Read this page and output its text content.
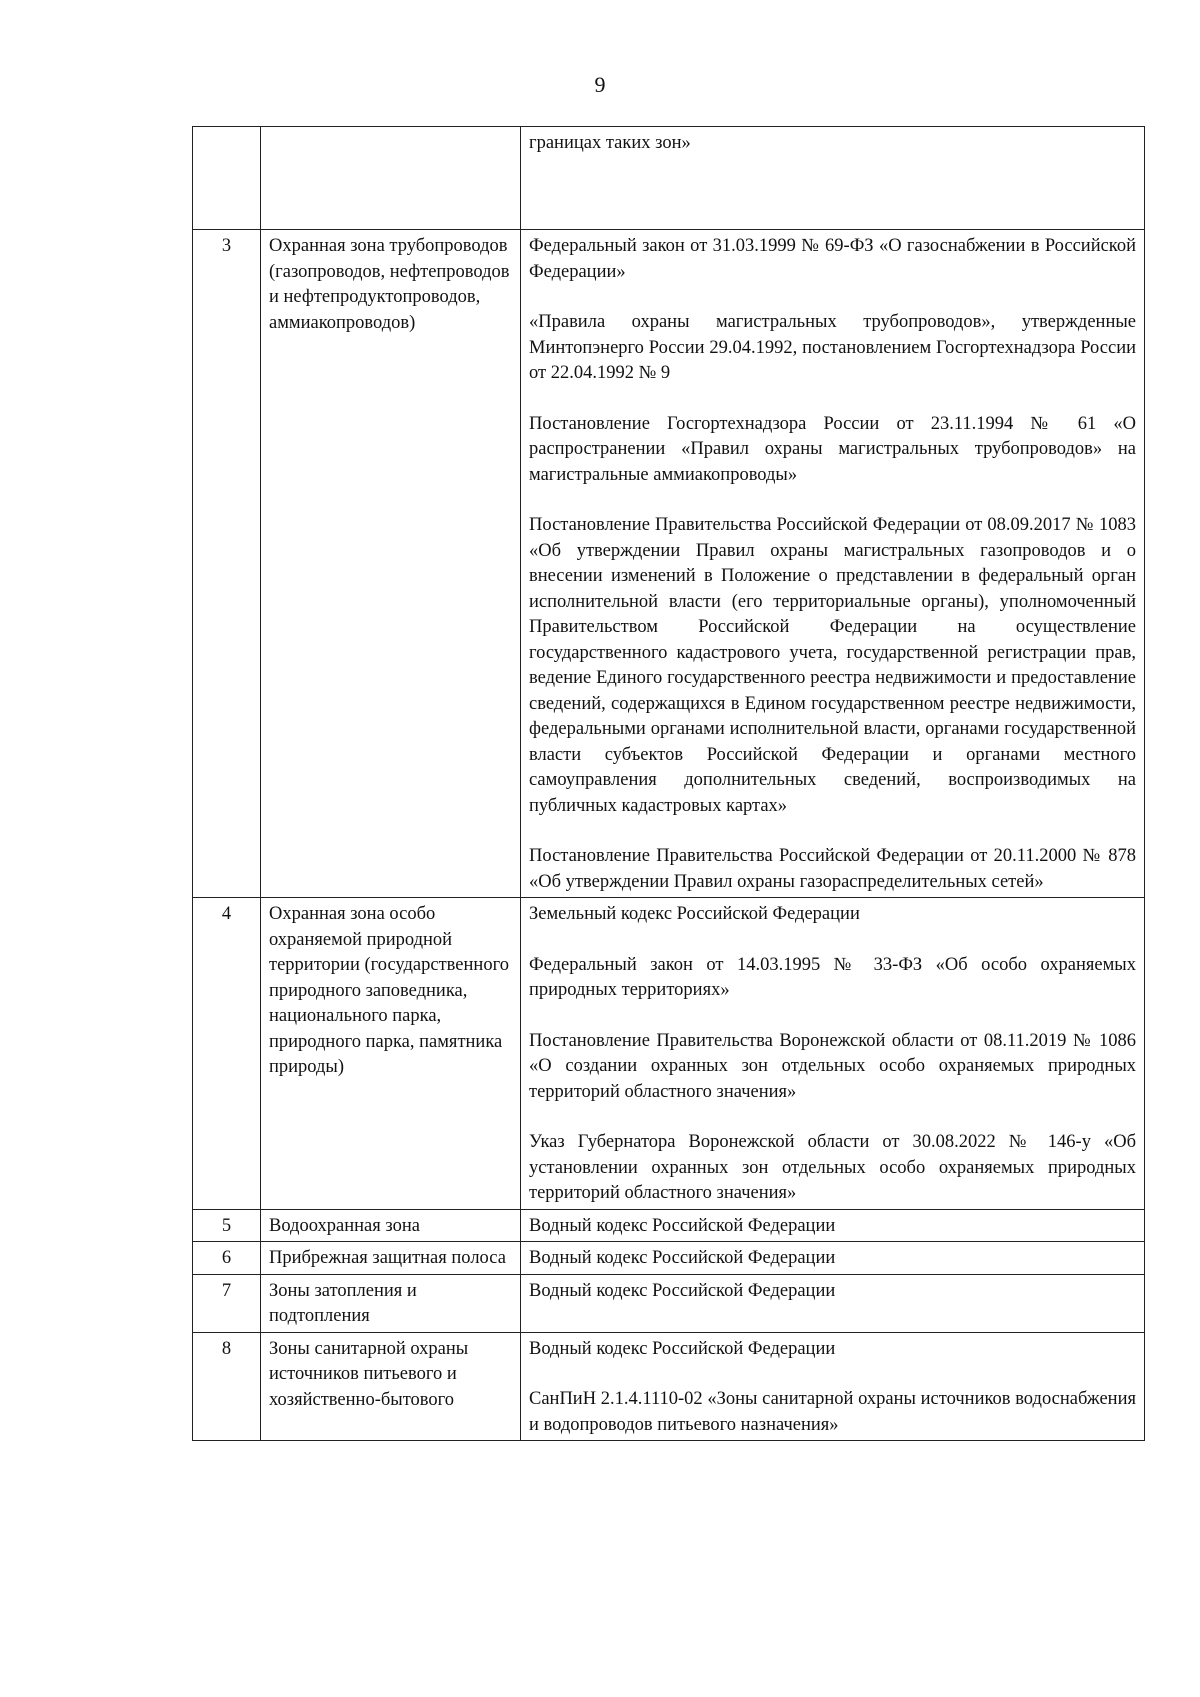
9

		границах таких зон»

3	Охранная зона трубопроводов (газопроводов, нефтепроводов и нефтепродуктопроводов, аммиакопроводов)	Федеральный закон от 31.03.1999 № 69-ФЗ «О газоснабжении в Российской Федерации»

«Правила охраны магистральных трубопроводов», утвержденные Минтопэнерго России 29.04.1992, постановлением Госгортехнадзора России от 22.04.1992 № 9

Постановление Госгортехнадзора России от 23.11.1994 № 61 «О распространении «Правил охраны магистральных трубопроводов» на магистральные аммиакопроводы»

Постановление Правительства Российской Федерации от 08.09.2017 № 1083 «Об утверждении Правил охраны магистральных газопроводов и о внесении изменений в Положение о представлении в федеральный орган исполнительной власти (его территориальные органы), уполномоченный Правительством Российской Федерации на осуществление государственного кадастрового учета, государственной регистрации прав, ведение Единого государственного реестра недвижимости и предоставление сведений, содержащихся в Едином государственном реестре недвижимости, федеральными органами исполнительной власти, органами государственной власти субъектов Российской Федерации и органами местного самоуправления дополнительных сведений, воспроизводимых на публичных кадастровых картах»

Постановление Правительства Российской Федерации от 20.11.2000 № 878 «Об утверждении Правил охраны газораспределительных сетей»

4	Охранная зона особо охраняемой природной территории (государственного природного заповедника, национального парка, природного парка, памятника природы)	Земельный кодекс Российской Федерации

Федеральный закон от 14.03.1995 № 33-ФЗ «Об особо охраняемых природных территориях»

Постановление Правительства Воронежской области от 08.11.2019 № 1086 «О создании охранных зон отдельных особо охраняемых природных территорий областного значения»

Указ Губернатора Воронежской области от 30.08.2022 № 146-у «Об установлении охранных зон отдельных особо охраняемых природных территорий областного значения»

5	Водоохранная зона	Водный кодекс Российской Федерации

6	Прибрежная защитная полоса	Водный кодекс Российской Федерации

7	Зоны затопления и подтопления	Водный кодекс Российской Федерации

8	Зоны санитарной охраны источников питьевого и хозяйственно-бытового	Водный кодекс Российской Федерации

СанПиН 2.1.4.1110-02 «Зоны санитарной охраны источников водоснабжения и водопроводов питьевого назначения»
